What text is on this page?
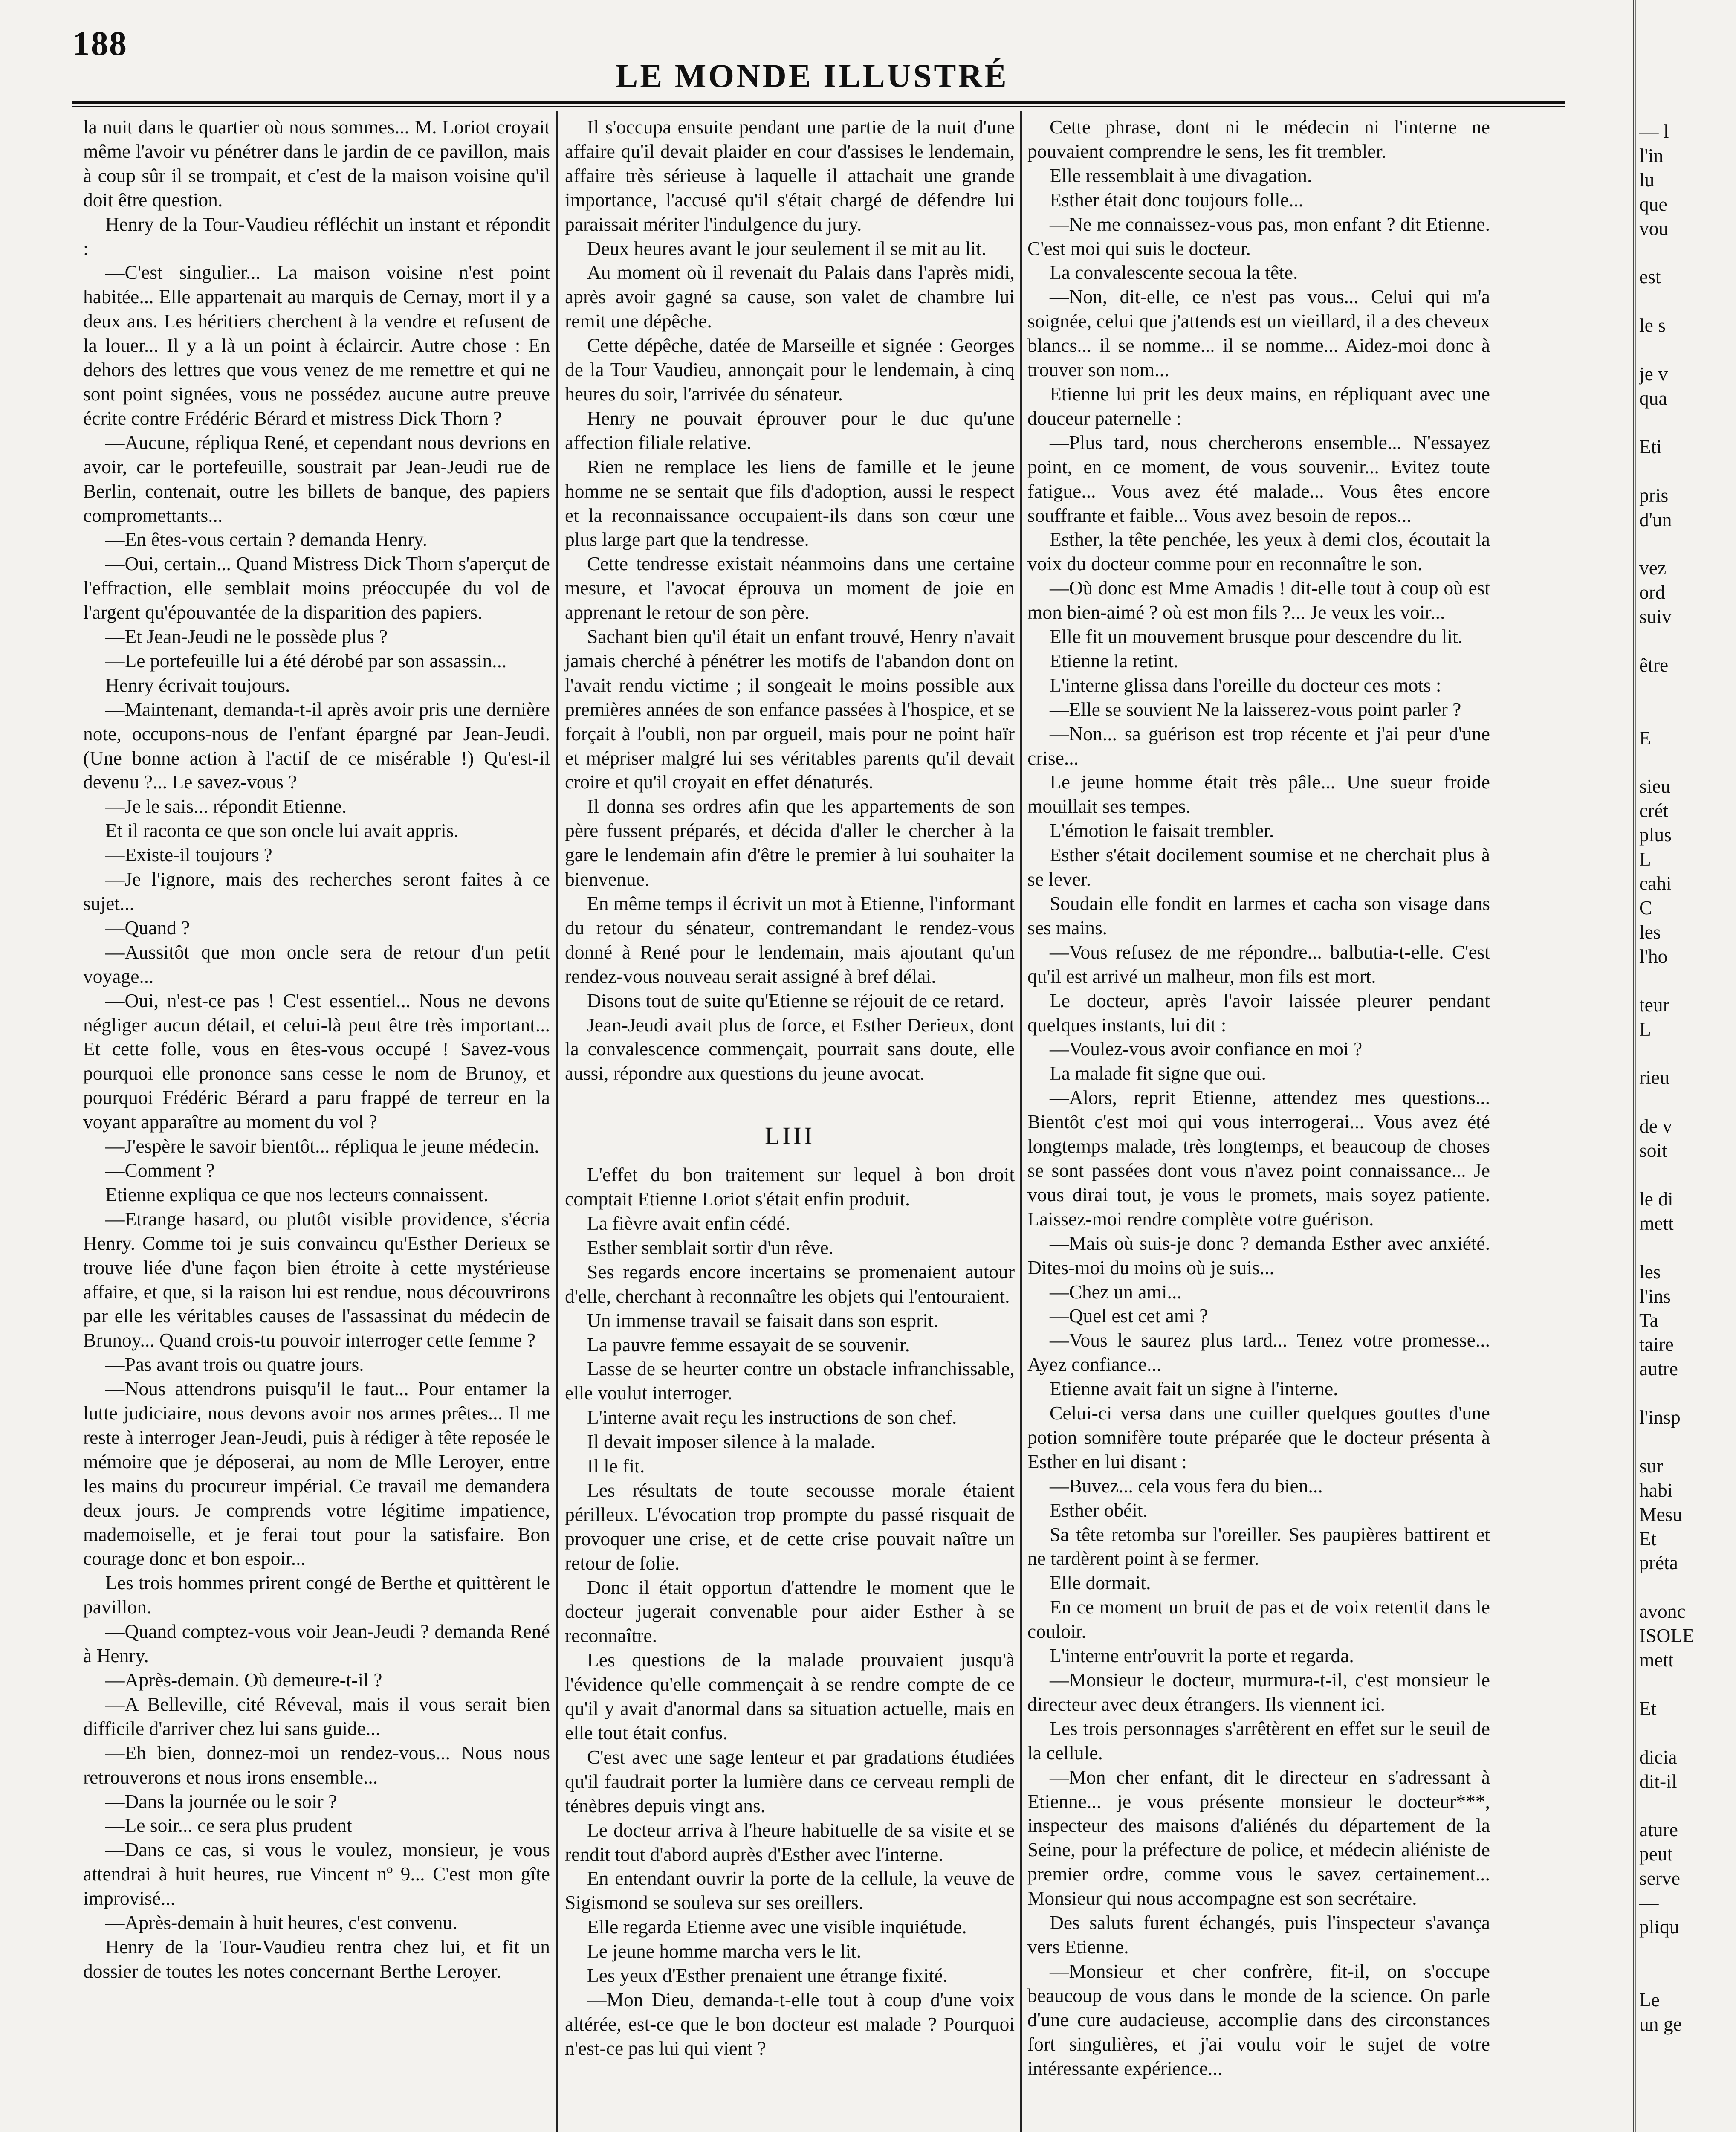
188
LE MONDE ILLUSTRÉ

la nuit dans le quartier où nous sommes... M. Loriot croyait même l'avoir vu pénétrer dans le jardin de ce pavillon, mais à coup sûr il se trompait, et c'est de la maison voisine qu'il doit être question.

Henry de la Tour-Vaudieu réfléchit un instant et répondit :

—C'est singulier... La maison voisine n'est point habitée... Elle appartenait au marquis de Cernay, mort il y a deux ans. Les héritiers cherchent à la vendre et refusent de la louer... Il y a là un point à éclaircir. Autre chose : En dehors des lettres que vous venez de me remettre et qui ne sont point signées, vous ne possédez aucune autre preuve écrite contre Frédéric Bérard et mistress Dick Thorn ?

—Aucune, répliqua René, et cependant nous devrions en avoir, car le portefeuille, soustrait par Jean-Jeudi rue de Berlin, contenait, outre les billets de banque, des papiers compromettants...

—En êtes-vous certain ? demanda Henry.

—Oui, certain... Quand Mistress Dick Thorn s'aperçut de l'effraction, elle semblait moins préoccupée du vol de l'argent qu'épouvantée de la disparition des papiers.

—Et Jean-Jeudi ne le possède plus ?

—Le portefeuille lui a été dérobé par son assassin...

Henry écrivait toujours.

—Maintenant, demanda-t-il après avoir pris une dernière note, occupons-nous de l'enfant épargné par Jean-Jeudi. (Une bonne action à l'actif de ce misérable !) Qu'est-il devenu ?... Le savez-vous ?

—Je le sais... répondit Etienne.

Et il raconta ce que son oncle lui avait appris.

—Existe-il toujours ?

—Je l'ignore, mais des recherches seront faites à ce sujet...

—Quand ?

—Aussitôt que mon oncle sera de retour d'un petit voyage...

—Oui, n'est-ce pas ! C'est essentiel... Nous ne devons négliger aucun détail, et celui-là peut être très important... Et cette folle, vous en êtes-vous occupé ! Savez-vous pourquoi elle prononce sans cesse le nom de Brunoy, et pourquoi Frédéric Bérard a paru frappé de terreur en la voyant apparaître au moment du vol ?

—J'espère le savoir bientôt... répliqua le jeune médecin.

—Comment ?

Etienne expliqua ce que nos lecteurs connaissent.

—Etrange hasard, ou plutôt visible providence, s'écria Henry. Comme toi je suis convaincu qu'Esther Derieux se trouve liée d'une façon bien étroite à cette mystérieuse affaire, et que, si la raison lui est rendue, nous découvrirons par elle les véritables causes de l'assassinat du médecin de Brunoy... Quand crois-tu pouvoir interroger cette femme ?

—Pas avant trois ou quatre jours.

—Nous attendrons puisqu'il le faut... Pour entamer la lutte judiciaire, nous devons avoir nos armes prêtes... Il me reste à interroger Jean-Jeudi, puis à rédiger à tête reposée le mémoire que je déposerai, au nom de Mlle Leroyer, entre les mains du procureur impérial. Ce travail me demandera deux jours. Je comprends votre légitime impatience, mademoiselle, et je ferai tout pour la satisfaire. Bon courage donc et bon espoir...

Les trois hommes prirent congé de Berthe et quittèrent le pavillon.

—Quand comptez-vous voir Jean-Jeudi ? demanda René à Henry.

—Après-demain. Où demeure-t-il ?

—A Belleville, cité Réveval, mais il vous serait bien difficile d'arriver chez lui sans guide...

—Eh bien, donnez-moi un rendez-vous... Nous nous retrouverons et nous irons ensemble...

—Dans la journée ou le soir ?

—Le soir... ce sera plus prudent

—Dans ce cas, si vous le voulez, monsieur, je vous attendrai à huit heures, rue Vincent nº 9... C'est mon gîte improvisé...

—Après-demain à huit heures, c'est convenu.

Henry de la Tour-Vaudieu rentra chez lui, et fit un dossier de toutes les notes concernant Berthe Leroyer.

Il s'occupa ensuite pendant une partie de la nuit d'une affaire qu'il devait plaider en cour d'assises le lendemain, affaire très sérieuse à laquelle il attachait une grande importance, l'accusé qu'il s'était chargé de défendre lui paraissait mériter l'indulgence du jury.

Deux heures avant le jour seulement il se mit au lit.

Au moment où il revenait du Palais dans l'après midi, après avoir gagné sa cause, son valet de chambre lui remit une dépêche.

Cette dépêche, datée de Marseille et signée : Georges de la Tour Vaudieu, annonçait pour le lendemain, à cinq heures du soir, l'arrivée du sénateur.

Henry ne pouvait éprouver pour le duc qu'une affection filiale relative.

Rien ne remplace les liens de famille et le jeune homme ne se sentait que fils d'adoption, aussi le respect et la reconnaissance occupaient-ils dans son cœur une plus large part que la tendresse.

Cette tendresse existait néanmoins dans une certaine mesure, et l'avocat éprouva un moment de joie en apprenant le retour de son père.

Sachant bien qu'il était un enfant trouvé, Henry n'avait jamais cherché à pénétrer les motifs de l'abandon dont on l'avait rendu victime ; il songeait le moins possible aux premières années de son enfance passées à l'hospice, et se forçait à l'oubli, non par orgueil, mais pour ne point haïr et mépriser malgré lui ses véritables parents qu'il devait croire et qu'il croyait en effet dénaturés.

Il donna ses ordres afin que les appartements de son père fussent préparés, et décida d'aller le chercher à la gare le lendemain afin d'être le premier à lui souhaiter la bienvenue.

En même temps il écrivit un mot à Etienne, l'informant du retour du sénateur, contremandant le rendez-vous donné à René pour le lendemain, mais ajoutant qu'un rendez-vous nouveau serait assigné à bref délai.

Disons tout de suite qu'Etienne se réjouit de ce retard.

Jean-Jeudi avait plus de force, et Esther Derieux, dont la convalescence commençait, pourrait sans doute, elle aussi, répondre aux questions du jeune avocat.

LIII

L'effet du bon traitement sur lequel à bon droit comptait Etienne Loriot s'était enfin produit.

La fièvre avait enfin cédé.

Esther semblait sortir d'un rêve.

Ses regards encore incertains se promenaient autour d'elle, cherchant à reconnaître les objets qui l'entouraient.

Un immense travail se faisait dans son esprit.

La pauvre femme essayait de se souvenir.

Lasse de se heurter contre un obstacle infranchissable, elle voulut interroger.

L'interne avait reçu les instructions de son chef.

Il devait imposer silence à la malade.

Il le fit.

Les résultats de toute secousse morale étaient périlleux. L'évocation trop prompte du passé risquait de provoquer une crise, et de cette crise pouvait naître un retour de folie.

Donc il était opportun d'attendre le moment que le docteur jugerait convenable pour aider Esther à se reconnaître.

Les questions de la malade prouvaient jusqu'à l'évidence qu'elle commençait à se rendre compte de ce qu'il y avait d'anormal dans sa situation actuelle, mais en elle tout était confus.

C'est avec une sage lenteur et par gradations étudiées qu'il faudrait porter la lumière dans ce cerveau rempli de ténèbres depuis vingt ans.

Le docteur arriva à l'heure habituelle de sa visite et se rendit tout d'abord auprès d'Esther avec l'interne.

En entendant ouvrir la porte de la cellule, la veuve de Sigismond se souleva sur ses oreillers.

Elle regarda Etienne avec une visible inquiétude.

Le jeune homme marcha vers le lit.

Les yeux d'Esther prenaient une étrange fixité.

—Mon Dieu, demanda-t-elle tout à coup d'une voix altérée, est-ce que le bon docteur est malade ? Pourquoi n'est-ce pas lui qui vient ?

Cette phrase, dont ni le médecin ni l'interne ne pouvaient comprendre le sens, les fit trembler.

Elle ressemblait à une divagation.

Esther était donc toujours folle...

—Ne me connaissez-vous pas, mon enfant ? dit Etienne. C'est moi qui suis le docteur.

La convalescente secoua la tête.

—Non, dit-elle, ce n'est pas vous... Celui qui m'a soignée, celui que j'attends est un vieillard, il a des cheveux blancs... il se nomme... il se nomme... Aidez-moi donc à trouver son nom...

Etienne lui prit les deux mains, en répliquant avec une douceur paternelle :

—Plus tard, nous chercherons ensemble... N'essayez point, en ce moment, de vous souvenir... Evitez toute fatigue... Vous avez été malade... Vous êtes encore souffrante et faible... Vous avez besoin de repos...

Esther, la tête penchée, les yeux à demi clos, écoutait la voix du docteur comme pour en reconnaître le son.

—Où donc est Mme Amadis ! dit-elle tout à coup où est mon bien-aimé ? où est mon fils ?... Je veux les voir...

Elle fit un mouvement brusque pour descendre du lit.

Etienne la retint.

L'interne glissa dans l'oreille du docteur ces mots :

—Elle se souvient Ne la laisserez-vous point parler ?

—Non... sa guérison est trop récente et j'ai peur d'une crise...

Le jeune homme était très pâle... Une sueur froide mouillait ses tempes.

L'émotion le faisait trembler.

Esther s'était docilement soumise et ne cherchait plus à se lever.

Soudain elle fondit en larmes et cacha son visage dans ses mains.

—Vous refusez de me répondre... balbutia-t-elle. C'est qu'il est arrivé un malheur, mon fils est mort.

Le docteur, après l'avoir laissée pleurer pendant quelques instants, lui dit :

—Voulez-vous avoir confiance en moi ?

La malade fit signe que oui.

—Alors, reprit Etienne, attendez mes questions... Bientôt c'est moi qui vous interrogerai... Vous avez été longtemps malade, très longtemps, et beaucoup de choses se sont passées dont vous n'avez point connaissance... Je vous dirai tout, je vous le promets, mais soyez patiente. Laissez-moi rendre complète votre guérison.

—Mais où suis-je donc ? demanda Esther avec anxiété. Dites-moi du moins où je suis...

—Chez un ami...

—Quel est cet ami ?

—Vous le saurez plus tard... Tenez votre promesse... Ayez confiance...

Etienne avait fait un signe à l'interne.

Celui-ci versa dans une cuiller quelques gouttes d'une potion somnifère toute préparée que le docteur présenta à Esther en lui disant :

—Buvez... cela vous fera du bien...

Esther obéit.

Sa tête retomba sur l'oreiller. Ses paupières battirent et ne tardèrent point à se fermer.

Elle dormait.

En ce moment un bruit de pas et de voix retentit dans le couloir.

L'interne entr'ouvrit la porte et regarda.

—Monsieur le docteur, murmura-t-il, c'est monsieur le directeur avec deux étrangers. Ils viennent ici.

Les trois personnages s'arrêtèrent en effet sur le seuil de la cellule.

—Mon cher enfant, dit le directeur en s'adressant à Etienne... je vous présente monsieur le docteur***, inspecteur des maisons d'aliénés du département de la Seine, pour la préfecture de police, et médecin aliéniste de premier ordre, comme vous le savez certainement... Monsieur qui nous accompagne est son secrétaire.

Des saluts furent échangés, puis l'inspecteur s'avança vers Etienne.

—Monsieur et cher confrère, fit-il, on s'occupe beaucoup de vous dans le monde de la science. On parle d'une cure audacieuse, accomplie dans des circonstances fort singulières, et j'ai voulu voir le sujet de votre intéressante expérience...

— l
l'in
lu
que
vou

est

le s

je v
qua

Eti

pris
d'un

vez
ord
suiv

être

E

sieu
crét
plus
L
cahi
C
les
l'ho

teur
L

rieu

de v
soit

le di
mett

les
l'ins
Ta
taire
autre

l'insp

sur
habi
Mesu
Et
préta

avonc
ISOLE
mett

Et

dicia
dit-il

ature
peut
serve
—
pliqu

Le
un ge
